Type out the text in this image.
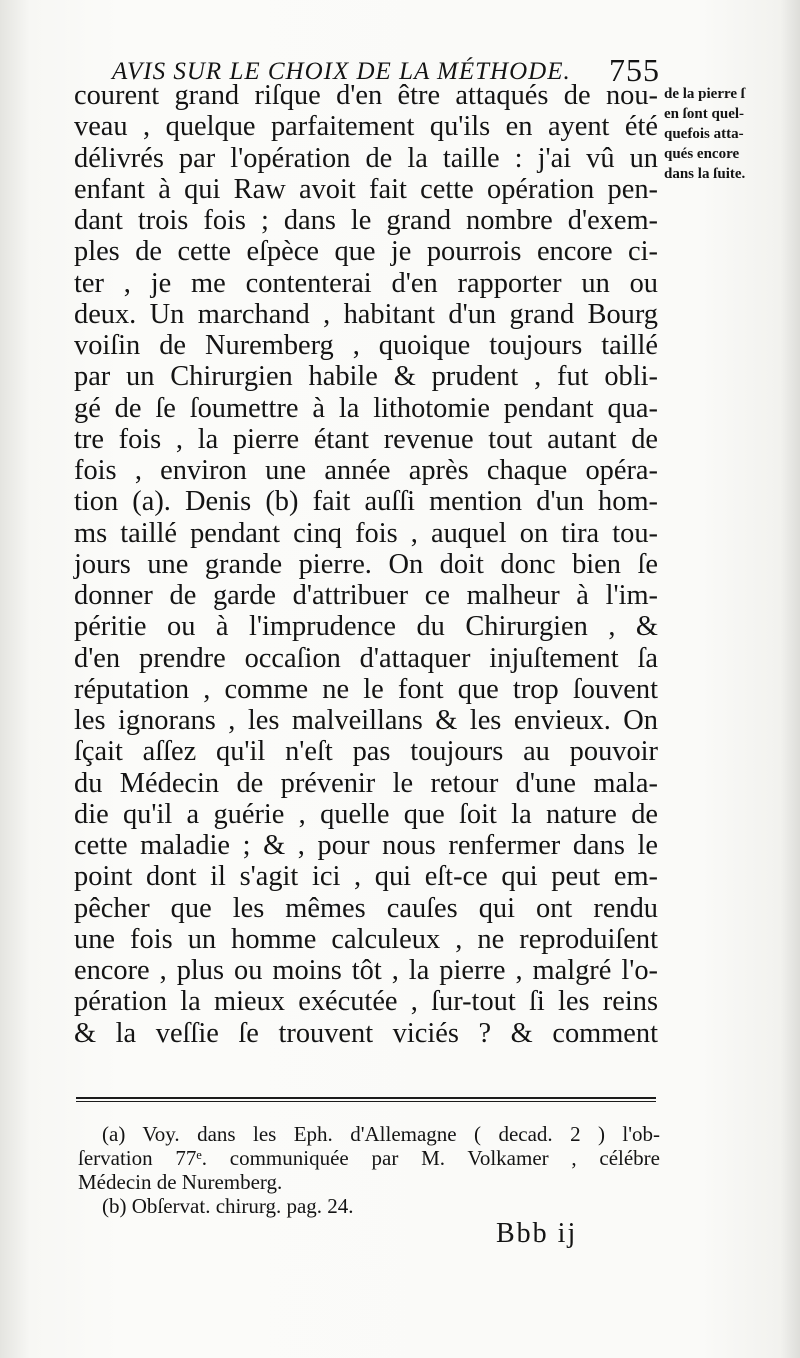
AVIS SUR LE CHOIX DE LA MÉTHODE. 755
courent grand riſque d'en être attaqués de nou-
veau , quelque parfaitement qu'ils en ayent été
délivrés par l'opération de la taille : j'ai vû un
enfant à qui Raw avoit fait cette opération pen-
dant trois fois ; dans le grand nombre d'exem-
ples de cette eſpèce que je pourrois encore ci-
ter , je me contenterai d'en rapporter un ou
deux. Un marchand , habitant d'un grand Bourg
voiſin de Nuremberg , quoique toujours taillé
par un Chirurgien habile & prudent , fut obli-
gé de ſe ſoumettre à la lithotomie pendant qua-
tre fois , la pierre étant revenue tout autant de
fois , environ une année après chaque opéra-
tion (a). Denis (b) fait auſſi mention d'un hom-
ms taillé pendant cinq fois , auquel on tira tou-
jours une grande pierre. On doit donc bien ſe
donner de garde d'attribuer ce malheur à l'im-
péritie ou à l'imprudence du Chirurgien , &
d'en prendre occaſion d'attaquer injuſtement ſa
réputation , comme ne le font que trop ſouvent
les ignorans , les malveillans & les envieux. On
ſçait aſſez qu'il n'eſt pas toujours au pouvoir
du Médecin de prévenir le retour d'une mala-
die qu'il a guérie , quelle que ſoit la nature de
cette maladie ; & , pour nous renfermer dans le
point dont il s'agit ici , qui eſt-ce qui peut em-
pêcher que les mêmes cauſes qui ont rendu
une fois un homme calculeux , ne reproduiſent
encore , plus ou moins tôt , la pierre , malgré l'o-
pération la mieux exécutée , ſur-tout ſi les reins
& la veſſie ſe trouvent viciés ? & comment
de la pierre ſ
en ſont quel-
quefois atta-
qués encore
dans la ſuite.
(a) Voy. dans les Eph. d'Allemagne ( decad. 2 ) l'ob-
ſervation 77ᵉ. communiquée par M. Volkamer , célébre
Médecin de Nuremberg.
(b) Obſervat. chirurg. pag. 24.
Bbb ij
